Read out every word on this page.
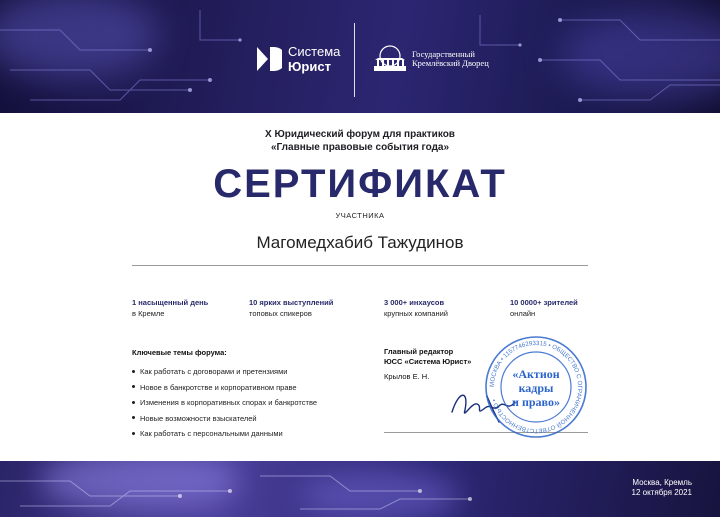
Система
Юрист
Государственный
Кремлёвский Дворец
X Юридический форум для практиков
«Главные правовые события года»
СЕРТИФИКАТ
УЧАСТНИКА
Магомедхабиб Тажудинов
1 насыщенный день
в Кремле
10 ярких выступлений
топовых спикеров
3 000+ инхаусов
крупных компаний
10 0000+ зрителей
онлайн
Ключевые темы форума:
Как работать с договорами и претензиями
Новое в банкротстве и корпоративном праве
Изменения в корпоративных спорах и банкротстве
Новые возможности взыскателей
Как работать с персональными данными
Главный редактор
ЮСС «Система Юрист»
Крылов Е. Н.
МОСКВА • 1157746293315 • ОБЩЕСТВО С ОГРАНИЧЕННОЙ ОТВЕТСТВЕННОСТЬЮ •
«Актион
кадры
и право»
Москва, Кремль
12 октября 2021
